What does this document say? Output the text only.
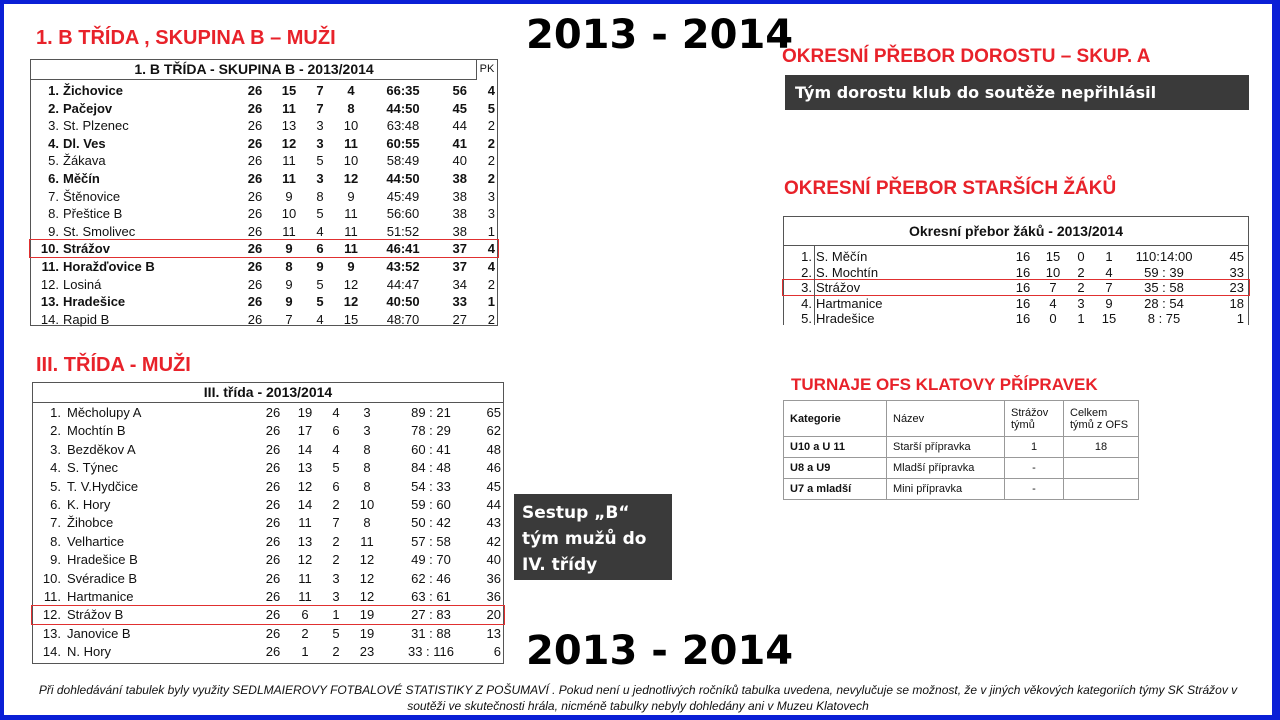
1. B TŘÍDA , SKUPINA B – MUŽI	2013 - 2014
OKRESNÍ PŘEBOR DOROSTU – SKUP. A
Tým dorostu klub do soutěže nepřihlásil
OKRESNÍ PŘEBOR STARŠÍCH ŽÁKŮ
1. B TŘÍDA - SKUPINA B - 2013/2014	PK
1. Žichovice	26	15	7	4	66:35	56	4
2. Pačejov	26	11	7	8	44:50	45	5
3. St. Plzenec	26	13	3	10	63:48	44	2
4. Dl. Ves	26	12	3	11	60:55	41	2
5. Žákava	26	11	5	10	58:49	40	2
6. Měčín	26	11	3	12	44:50	38	2
7. Štěnovice	26	9	8	9	45:49	38	3
8. Přeštice B	26	10	5	11	56:60	38	3
9. St. Smolivec	26	11	4	11	51:52	38	1
10. Strážov	26	9	6	11	46:41	37	4
11. Horažďovice B	26	8	9	9	43:52	37	4
12. Losiná	26	9	5	12	44:47	34	2
13. Hradešice	26	9	5	12	40:50	33	1
14. Rapid B	26	7	4	15	48:70	27	2
III. TŘÍDA - MUŽI
III. třída - 2013/2014
1. Měcholupy A	26	19	4	3	89 : 21	65
2. Mochtín B	26	17	6	3	78 : 29	62
3. Bezděkov A	26	14	4	8	60 : 41	48
4. S. Týnec	26	13	5	8	84 : 48	46
5. T. V.Hydčice	26	12	6	8	54 : 33	45
6. K. Hory	26	14	2	10	59 : 60	44
7. Žihobce	26	11	7	8	50 : 42	43
8. Velhartice	26	13	2	11	57 : 58	42
9. Hradešice B	26	12	2	12	49 : 70	40
10. Svéradice B	26	11	3	12	62 : 46	36
11. Hartmanice	26	11	3	12	63 : 61	36
12. Strážov B	26	6	1	19	27 : 83	20
13. Janovice B	26	2	5	19	31 : 88	13
14. N. Hory	26	1	2	23	33 : 116	6
Okresní přebor žáků - 2013/2014
1. S. Měčín	16	15	0	1	110:14:00	45
2. S. Mochtín	16	10	2	4	59 : 39	33
3. Strážov	16	7	2	7	35 : 58	23
4. Hartmanice	16	4	3	9	28 : 54	18
5. Hradešice	16	0	1	15	8 : 75	1
TURNAJE OFS KLATOVY PŘÍPRAVEK
Kategorie	Název	Strážov týmů	Celkem týmů z OFS
U10 a U 11	Starší přípravka	1	18
U8 a U9	Mladší přípravka	-	
U7 a mladší	Mini přípravka	-	
Sestup „B“ tým mužů do IV. třídy
2013 - 2014
Při dohledávání tabulek byly využity SEDLMAIEROVY FOTBALOVÉ STATISTIKY Z POŠUMAVÍ . Pokud není u jednotlivých ročníků tabulka uvedena, nevylučuje se možnost, že v jiných věkových kategoriích týmy SK Strážov v soutěži ve skutečnosti hrála, nicméně tabulky nebyly dohledány ani v Muzeu Klatovech
